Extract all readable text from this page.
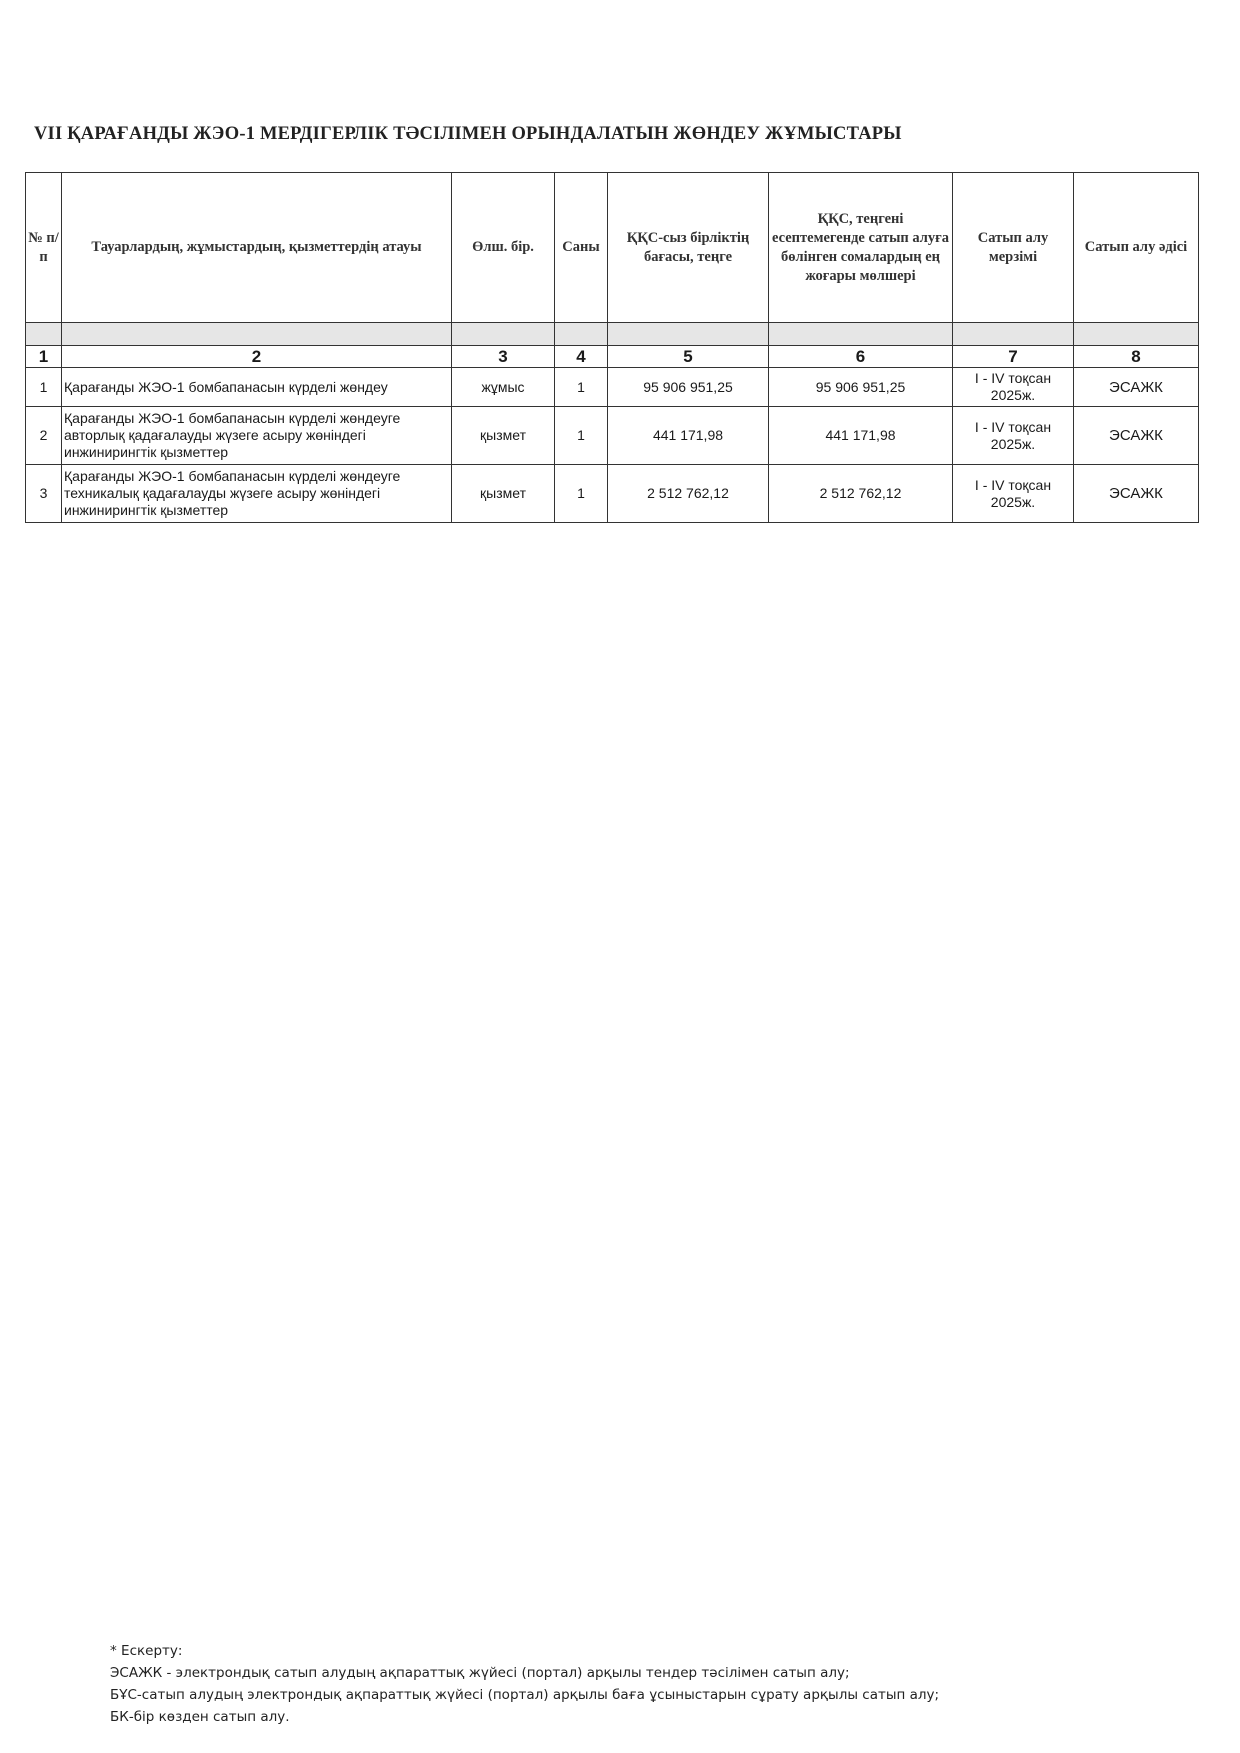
VII ҚАРАҒАНДЫ ЖЭО-1 МЕРДІГЕРЛІК ТӘСІЛІМЕН ОРЫНДАЛАТЫН ЖӨНДЕУ ЖҰМЫСТАРЫ
№ п/п	Тауарлардың, жұмыстардың, қызметтердің атауы	Өлш. бір.	Саны	ҚҚС-сыз бірліктің бағасы, теңге	ҚҚС, теңгені есептемегенде сатып алуға бөлінген сомалардың ең жоғары мөлшері	Сатып алу мерзімі	Сатып алу әдісі

1	2	3	4	5	6	7	8
1	Қарағанды ЖЭО-1 бомбапанасын күрделі жөндеу	жұмыс	1	95 906 951,25	95 906 951,25	I - IV тоқсан 2025ж.	ЭСАЖК
2	Қарағанды ЖЭО-1 бомбапанасын күрделі жөндеуге авторлық қадағалауды жүзеге асыру жөніндегі инжинирингтік қызметтер	қызмет	1	441 171,98	441 171,98	I - IV тоқсан 2025ж.	ЭСАЖК
3	Қарағанды ЖЭО-1 бомбапанасын күрделі жөндеуге техникалық қадағалауды жүзеге асыру жөніндегі инжинирингтік қызметтер	қызмет	1	2 512 762,12	2 512 762,12	I - IV тоқсан 2025ж.	ЭСАЖК
* Ескерту:
ЭСАЖК - электрондық сатып алудың ақпараттық жүйесі (портал) арқылы тендер тәсілімен сатып алу;
БҰС-сатып алудың электрондық ақпараттық жүйесі (портал) арқылы баға ұсыныстарын сұрату арқылы сатып алу;
БК-бір көзден сатып алу.
